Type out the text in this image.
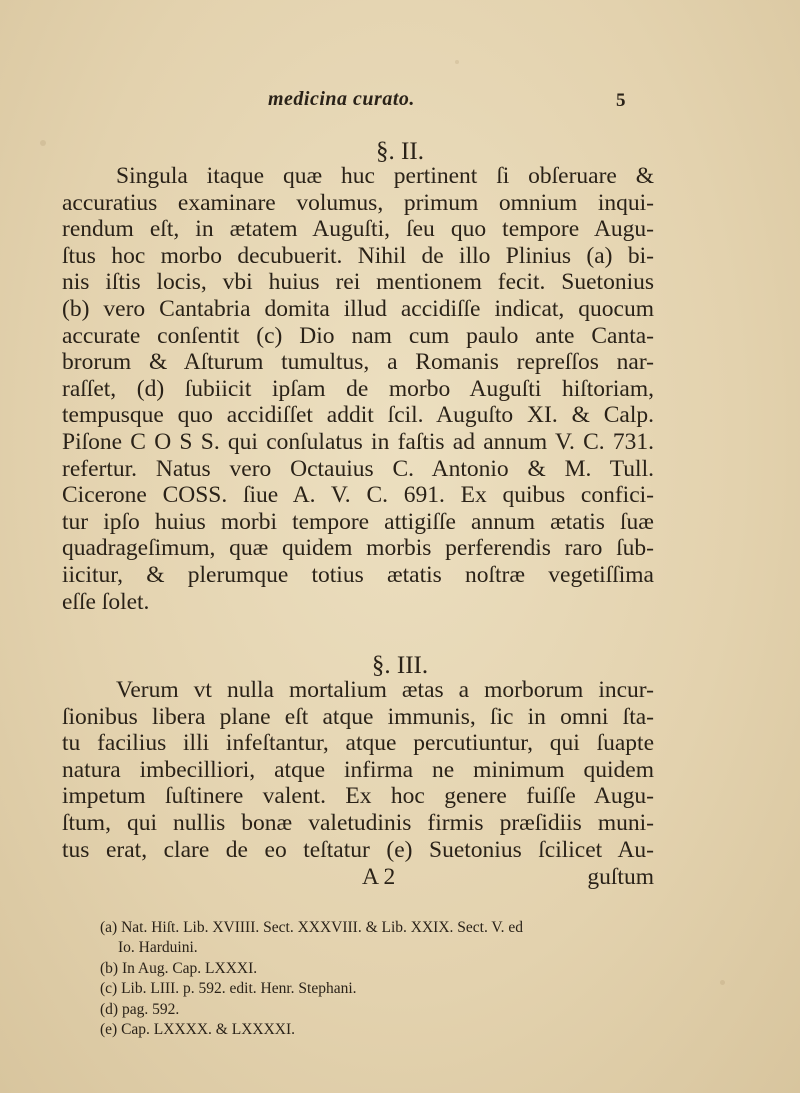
medicina curato.	5
§. II.
Singula itaque quæ huc pertinent ſi obſeruare &
accuratius examinare volumus, primum omnium inqui-
rendum eſt, in ætatem Auguſti, ſeu quo tempore Augu-
ſtus hoc morbo decubuerit. Nihil de illo Plinius (a) bi-
nis iſtis locis, vbi huius rei mentionem fecit. Suetonius
(b) vero Cantabria domita illud accidiſſe indicat, quocum
accurate conſentit (c) Dio nam cum paulo ante Canta-
brorum & Aſturum tumultus, a Romanis repreſſos nar-
raſſet, (d) ſubiicit ipſam de morbo Auguſti hiſtoriam,
tempusque quo accidiſſet addit ſcil. Auguſto XI. & Calp.
Piſone C O S S. qui conſulatus in faſtis ad annum V. C. 731.
refertur. Natus vero Octauius C. Antonio & M. Tull.
Cicerone COSS. ſiue A. V. C. 691. Ex quibus confici-
tur ipſo huius morbi tempore attigiſſe annum ætatis ſuæ
quadrageſimum, quæ quidem morbis perferendis raro ſub-
iicitur, & plerumque totius ætatis noſtræ vegetiſſima
eſſe ſolet.
§. III.
Verum vt nulla mortalium ætas a morborum incur-
ſionibus libera plane eſt atque immunis, ſic in omni ſta-
tu facilius illi infeſtantur, atque percutiuntur, qui ſuapte
natura imbecilliori, atque infirma ne minimum quidem
impetum ſuſtinere valent. Ex hoc genere fuiſſe Augu-
ſtum, qui nullis bonæ valetudinis firmis præſidiis muni-
tus erat, clare de eo teſtatur (e) Suetonius ſcilicet Au-
A 2	guſtum
(a) Nat. Hiſt. Lib. XVIIII. Sect. XXXVIII. & Lib. XXIX. Sect. V. ed
Io. Harduini.
(b) In Aug. Cap. LXXXI.
(c) Lib. LIII. p. 592. edit. Henr. Stephani.
(d) pag. 592.
(e) Cap. LXXXX. & LXXXXI.
